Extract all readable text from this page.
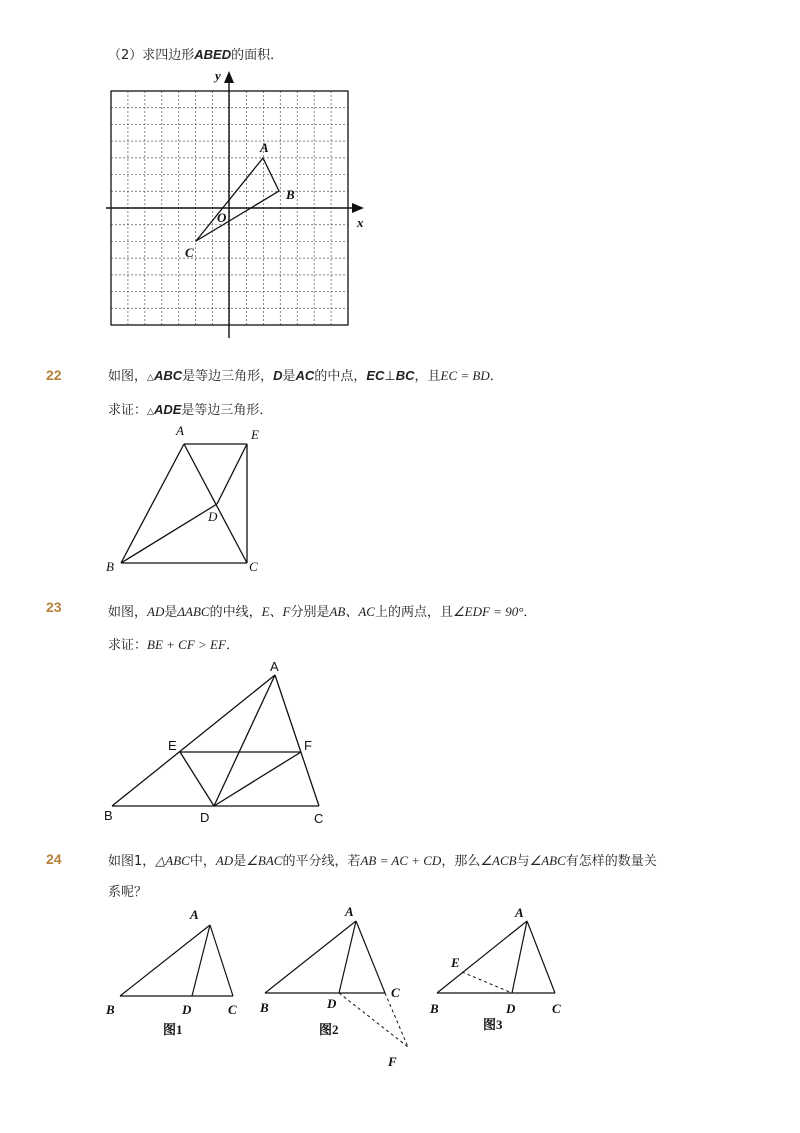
（2）求四边形ABED的面积．
y
x
O
A
B
C
22	如图，△ABC是等边三角形，D是AC的中点，EC⊥BC，且EC = BD．
求证：△ADE是等边三角形．
A	E
D
B	C
23	如图，AD是ΔABC的中线，E、F分别是AB、AC上的两点，且∠EDF = 90°．
求证：BE + CF > EF．
A
E	F
B	D	C
24	如图1，△ABC中，AD是∠BAC的平分线，若AB = AC + CD，那么∠ACB与∠ABC有怎样的数量关
系呢？
A
B	D	C
图1
A
B	D
C
F
图2
A
E
B	D	C
图3
